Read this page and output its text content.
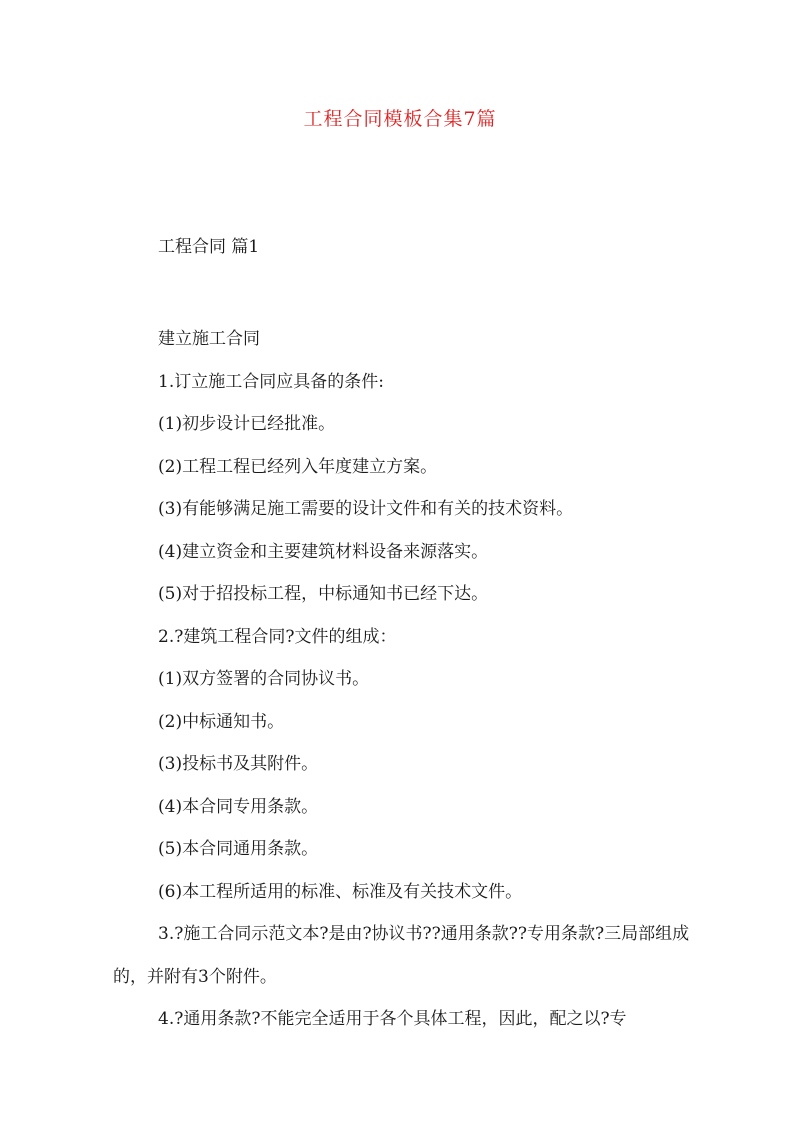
工程合同模板合集7篇
工程合同 篇1

建立施工合同

1.订立施工合同应具备的条件:

(1)初步设计已经批准。

(2)工程工程已经列入年度建立方案。

(3)有能够满足施工需要的设计文件和有关的技术资料。

(4)建立资金和主要建筑材料设备来源落实。

(5)对于招投标工程，中标通知书已经下达。

2.?建筑工程合同?文件的组成：

(1)双方签署的合同协议书。

(2)中标通知书。

(3)投标书及其附件。

(4)本合同专用条款。

(5)本合同通用条款。

(6)本工程所适用的标准、标准及有关技术文件。

3.?施工合同示范文本?是由?协议书??通用条款??专用条款?三局部组成的，并附有3个附件。

4.?通用条款?不能完全适用于各个具体工程，因此，配之以?专
